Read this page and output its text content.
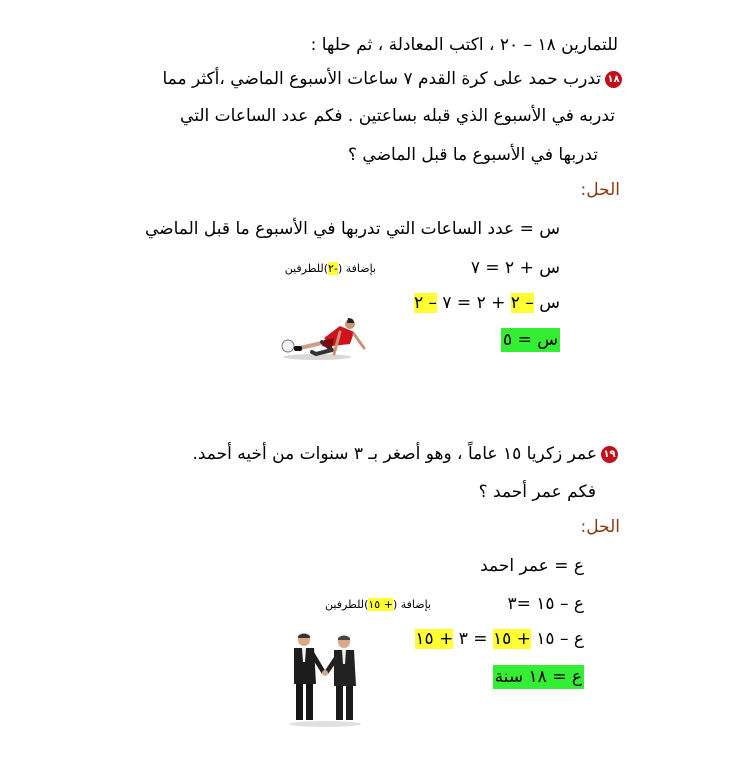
للتمارين ١٨ – ٢٠ ، اكتب المعادلة ، ثم حلها :
١٨تدرب حمد على كرة القدم ٧ ساعات الأسبوع الماضي ،أكثر مما
تدربه في الأسبوع الذي قبله بساعتين . فكم عدد الساعات التي
تدربها في الأسبوع ما قبل الماضي ؟
الحل:
س = عدد الساعات التي تدربها في الأسبوع ما قبل الماضي
س + ٢ = ٧
بإضافة (-٢)للطرفين
س – ٢ + ٢ = ٧ – ٢
س = ٥
١٩عمر زكريا ١٥ عاماً ، وهو أصغر بـ ٣ سنوات من أخيه أحمد.
فكم عمر أحمد ؟
الحل:
ع = عمر احمد
ع – ١٥ =٣
بإضافة (+ ١٥)للطرفين
ع – ١٥ + ١٥ = ٣ + ١٥
ع = ١٨ سنة
